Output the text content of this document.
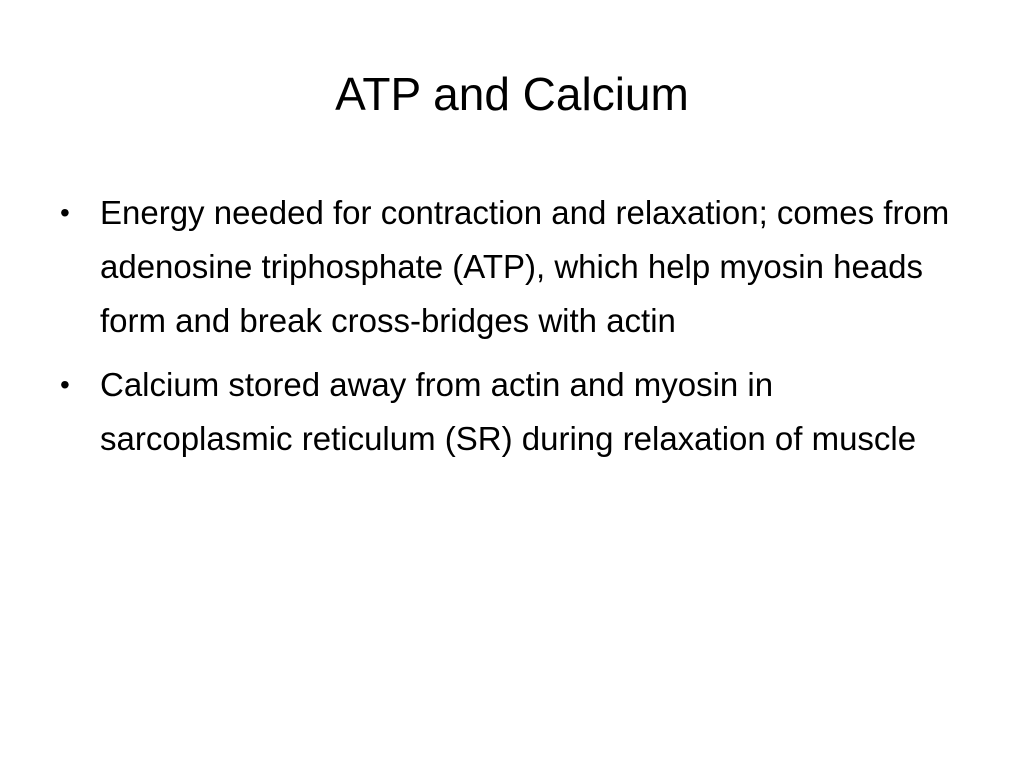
ATP and Calcium
• Energy needed for contraction and relaxation; comes from adenosine triphosphate (ATP), which help myosin heads form and break cross-bridges with actin
• Calcium stored away from actin and myosin in sarcoplasmic reticulum (SR) during relaxation of muscle
